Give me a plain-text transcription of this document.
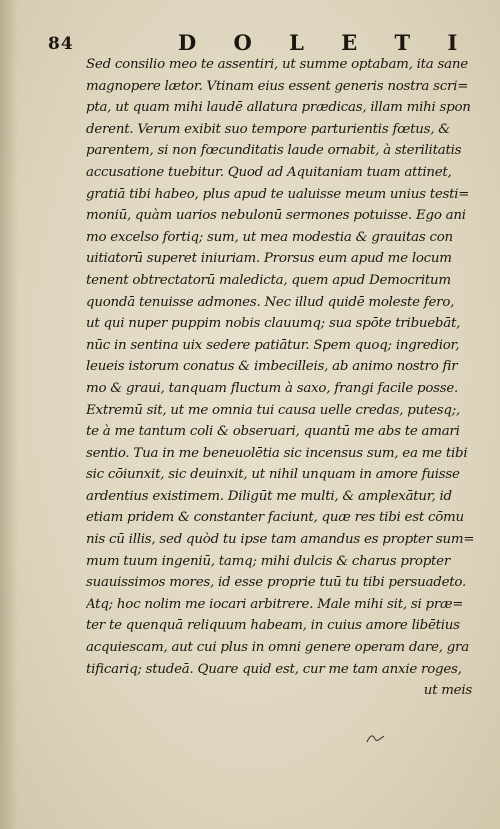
84	D O L E T I
Sed consilio meo te assentiri, ut summe optabam, ita sane
magnopere lætor. Vtinam eius essent generis nostra scri=
pta, ut quam mihi laudē allatura prædicas, illam mihi spon
derent. Verum exibit suo tempore parturientis fœtus, &
parentem, si non fœcunditatis laude ornabit, à sterilitatis
accusatione tuebitur. Quod ad Aquitaniam tuam attinet,
gratiā tibi habeo, plus apud te ualuisse meum unius testi=
moniū, quàm uarios nebulonū sermones potuisse. Ego ani
mo excelso fortiq; sum, ut mea modestia & grauitas con
uitiatorū superet iniuriam. Prorsus eum apud me locum
tenent obtrectatorū maledicta, quem apud Democritum
quondā tenuisse admones. Nec illud quidē moleste fero,
ut qui nuper puppim nobis clauumq; sua spōte tribuebāt,
nūc in sentina uix sedere patiātur. Spem quoq; ingredior,
leueis istorum conatus & imbecilleis, ab animo nostro fir
mo & graui, tanquam fluctum à saxo, frangi facile posse.
Extremū sit, ut me omnia tui causa uelle credas, putesq;,
te à me tantum coli & obseruari, quantū me abs te amari
sentio. Tua in me beneuolētia sic incensus sum, ea me tibi
sic cōiunxit, sic deuinxit, ut nihil unquam in amore fuisse
ardentius existimem. Diligūt me multi, & amplexātur, id
etiam pridem & constanter faciunt, quæ res tibi est cōmu
nis cū illis, sed quòd tu ipse tam amandus es propter sum=
mum tuum ingeniū, tamq; mihi dulcis & charus propter
suauissimos mores, id esse proprie tuū tu tibi persuadeto.
Atq; hoc nolim me iocari arbitrere. Male mihi sit, si præ=
ter te quenquā reliquum habeam, in cuius amore libētius
acquiescam, aut cui plus in omni genere operam dare, gra
tificariq; studeā. Quare quid est, cur me tam anxie roges,
ut meis
